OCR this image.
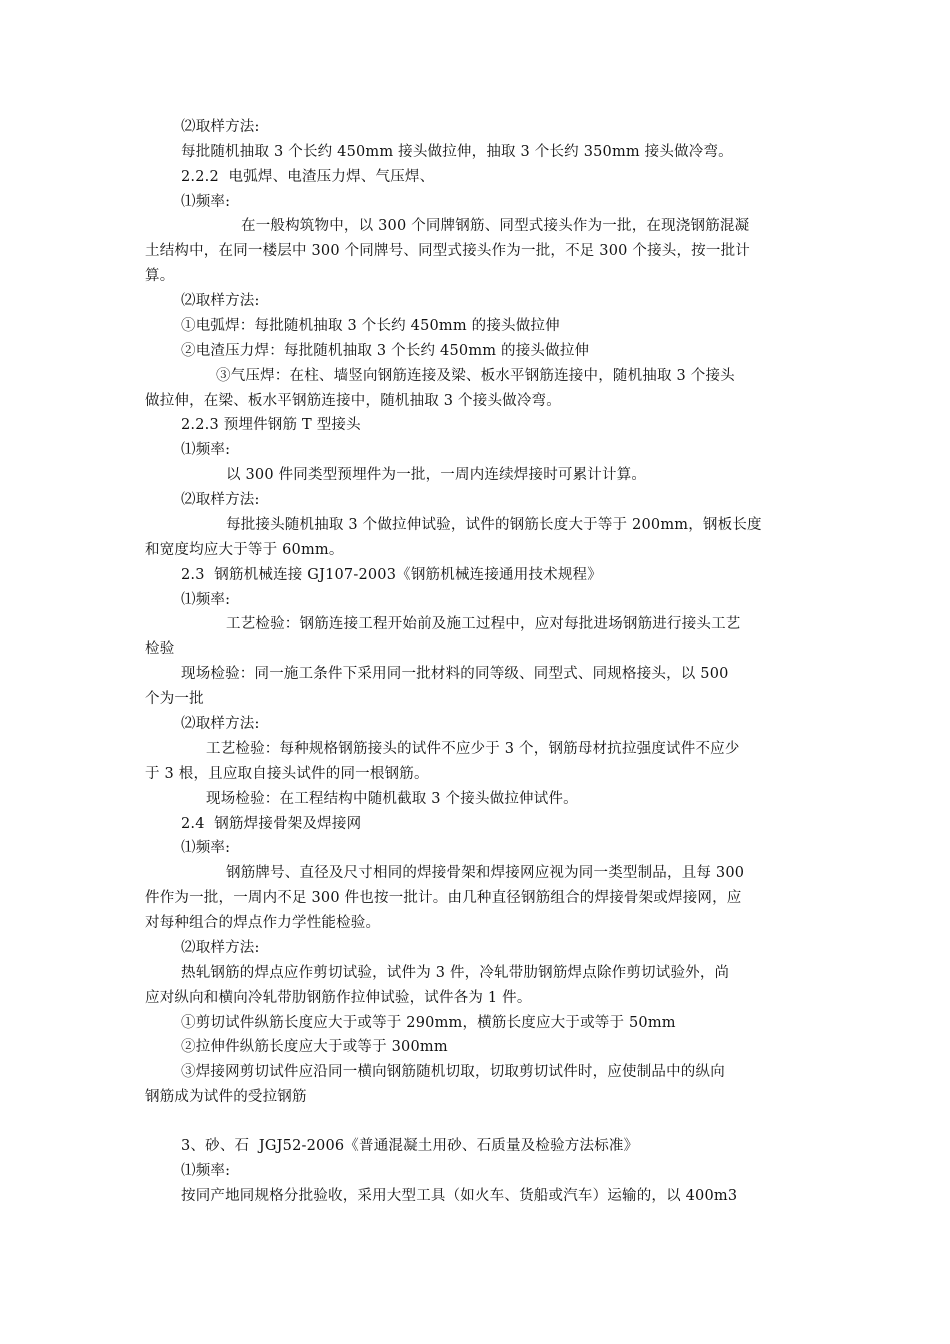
⑵取样方法:
每批随机抽取 3 个长约 450mm 接头做拉伸，抽取 3 个长约 350mm 接头做冷弯。
2.2.2  电弧焊、电渣压力焊、气压焊、
⑴频率:
在一般构筑物中，以 300 个同牌钢筋、同型式接头作为一批，在现浇钢筋混凝
土结构中，在同一楼层中 300 个同牌号、同型式接头作为一批，不足 300 个接头，按一批计
算。
⑵取样方法:
①电弧焊：每批随机抽取 3 个长约 450mm 的接头做拉伸
②电渣压力焊：每批随机抽取 3 个长约 450mm 的接头做拉伸
③气压焊：在柱、墙竖向钢筋连接及梁、板水平钢筋连接中，随机抽取 3 个接头
做拉伸，在梁、板水平钢筋连接中，随机抽取 3 个接头做冷弯。
2.2.3 预埋件钢筋 T 型接头
⑴频率:
以 300 件同类型预埋件为一批，一周内连续焊接时可累计计算。
⑵取样方法:
每批接头随机抽取 3 个做拉伸试验，试件的钢筋长度大于等于 200mm，钢板长度
和宽度均应大于等于 60mm。
2.3  钢筋机械连接 GJ107-2003《钢筋机械连接通用技术规程》
⑴频率:
工艺检验：钢筋连接工程开始前及施工过程中，应对每批进场钢筋进行接头工艺
检验
现场检验：同一施工条件下采用同一批材料的同等级、同型式、同规格接头，以 500
个为一批
⑵取样方法:
工艺检验：每种规格钢筋接头的试件不应少于 3 个，钢筋母材抗拉强度试件不应少
于 3 根，且应取自接头试件的同一根钢筋。
现场检验：在工程结构中随机截取 3 个接头做拉伸试件。
2.4  钢筋焊接骨架及焊接网
⑴频率:
钢筋牌号、直径及尺寸相同的焊接骨架和焊接网应视为同一类型制品，且每 300
件作为一批，一周内不足 300 件也按一批计。由几种直径钢筋组合的焊接骨架或焊接网，应
对每种组合的焊点作力学性能检验。
⑵取样方法:
热轧钢筋的焊点应作剪切试验，试件为 3 件，冷轧带肋钢筋焊点除作剪切试验外，尚
应对纵向和横向冷轧带肋钢筋作拉伸试验，试件各为 1 件。
①剪切试件纵筋长度应大于或等于 290mm，横筋长度应大于或等于 50mm
②拉伸件纵筋长度应大于或等于 300mm
③焊接网剪切试件应沿同一横向钢筋随机切取，切取剪切试件时，应使制品中的纵向
钢筋成为试件的受拉钢筋
3、砂、石  JGJ52-2006《普通混凝土用砂、石质量及检验方法标准》
⑴频率:
按同产地同规格分批验收，采用大型工具（如火车、货船或汽车）运输的，以 400m3
